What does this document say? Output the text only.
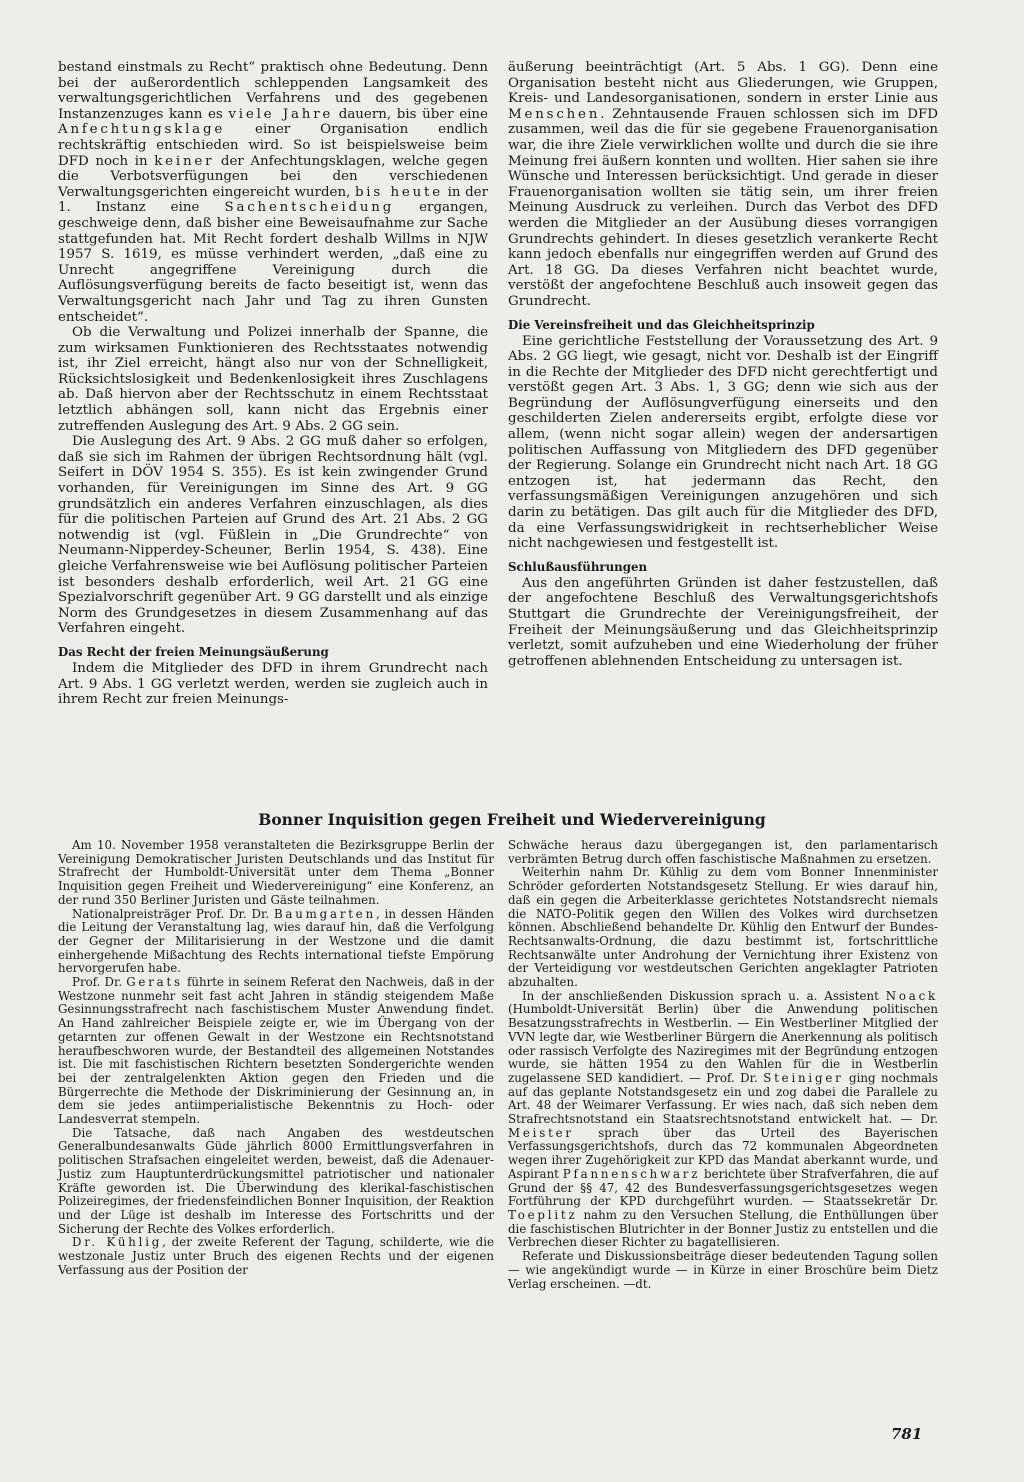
bestand einstmals zu Recht“ praktisch ohne Bedeutung. Denn bei der außerordentlich schleppenden Langsamkeit des verwaltungsgerichtlichen Verfahrens und des gegebenen Instanzenzuges kann es viele Jahre dauern, bis über eine Anfechtungsklage einer Organisation endlich rechtskräftig entschieden wird. So ist beispielsweise beim DFD noch in keiner der Anfechtungsklagen, welche gegen die Verbotsverfügungen bei den verschiedenen Verwaltungsgerichten eingereicht wurden, bis heute in der 1. Instanz eine Sachentscheidung ergangen, geschweige denn, daß bisher eine Beweisaufnahme zur Sache stattgefunden hat. Mit Recht fordert deshalb Willms in NJW 1957 S. 1619, es müsse verhindert werden, „daß eine zu Unrecht angegriffene Vereinigung durch die Auflösungsverfügung bereits de facto beseitigt ist, wenn das Verwaltungsgericht nach Jahr und Tag zu ihren Gunsten entscheidet“.

Ob die Verwaltung und Polizei innerhalb der Spanne, die zum wirksamen Funktionieren des Rechtsstaates notwendig ist, ihr Ziel erreicht, hängt also nur von der Schnelligkeit, Rücksichtslosigkeit und Bedenkenlosigkeit ihres Zuschlagens ab. Daß hiervon aber der Rechtsschutz in einem Rechtsstaat letztlich abhängen soll, kann nicht das Ergebnis einer zutreffenden Auslegung des Art. 9 Abs. 2 GG sein.

Die Auslegung des Art. 9 Abs. 2 GG muß daher so erfolgen, daß sie sich im Rahmen der übrigen Rechtsordnung hält (vgl. Seifert in DÖV 1954 S. 355). Es ist kein zwingender Grund vorhanden, für Vereinigungen im Sinne des Art. 9 GG grundsätzlich ein anderes Verfahren einzuschlagen, als dies für die politischen Parteien auf Grund des Art. 21 Abs. 2 GG notwendig ist (vgl. Füßlein in „Die Grundrechte“ von Neumann-Nipperdey-Scheuner, Berlin 1954, S. 438). Eine gleiche Verfahrensweise wie bei Auflösung politischer Parteien ist besonders deshalb erforderlich, weil Art. 21 GG eine Spezialvorschrift gegenüber Art. 9 GG darstellt und als einzige Norm des Grundgesetzes in diesem Zusammenhang auf das Verfahren eingeht.

Das Recht der freien Meinungsäußerung

Indem die Mitglieder des DFD in ihrem Grundrecht nach Art. 9 Abs. 1 GG verletzt werden, werden sie zugleich auch in ihrem Recht zur freien Meinungs-

äußerung beeinträchtigt (Art. 5 Abs. 1 GG). Denn eine Organisation besteht nicht aus Gliederungen, wie Gruppen, Kreis- und Landesorganisationen, sondern in erster Linie aus Menschen. Zehntausende Frauen schlossen sich im DFD zusammen, weil das die für sie gegebene Frauenorganisation war, die ihre Ziele verwirklichen wollte und durch die sie ihre Meinung frei äußern konnten und wollten. Hier sahen sie ihre Wünsche und Interessen berücksichtigt. Und gerade in dieser Frauenorganisation wollten sie tätig sein, um ihrer freien Meinung Ausdruck zu verleihen. Durch das Verbot des DFD werden die Mitglieder an der Ausübung dieses vorrangigen Grundrechts gehindert. In dieses gesetzlich verankerte Recht kann jedoch ebenfalls nur eingegriffen werden auf Grund des Art. 18 GG. Da dieses Verfahren nicht beachtet wurde, verstößt der angefochtene Beschluß auch insoweit gegen das Grundrecht.

Die Vereinsfreiheit und das Gleichheitsprinzip

Eine gerichtliche Feststellung der Voraussetzung des Art. 9 Abs. 2 GG liegt, wie gesagt, nicht vor. Deshalb ist der Eingriff in die Rechte der Mitglieder des DFD nicht gerechtfertigt und verstößt gegen Art. 3 Abs. 1, 3 GG; denn wie sich aus der Begründung der Auflösungverfügung einerseits und den geschilderten Zielen andererseits ergibt, erfolgte diese vor allem, (wenn nicht sogar allein) wegen der andersartigen politischen Auffassung von Mitgliedern des DFD gegenüber der Regierung. Solange ein Grundrecht nicht nach Art. 18 GG entzogen ist, hat jedermann das Recht, den verfassungsmäßigen Vereinigungen anzugehören und sich darin zu betätigen. Das gilt auch für die Mitglieder des DFD, da eine Verfassungswidrigkeit in rechtserheblicher Weise nicht nachgewiesen und festgestellt ist.

Schlußausführungen

Aus den angeführten Gründen ist daher festzustellen, daß der angefochtene Beschluß des Verwaltungsgerichtshofs Stuttgart die Grundrechte der Vereinigungsfreiheit, der Freiheit der Meinungsäußerung und das Gleichheitsprinzip verletzt, somit aufzuheben und eine Wiederholung der früher getroffenen ablehnenden Entscheidung zu untersagen ist.

Bonner Inquisition gegen Freiheit und Wiedervereinigung

Am 10. November 1958 veranstalteten die Bezirksgruppe Berlin der Vereinigung Demokratischer Juristen Deutschlands und das Institut für Strafrecht der Humboldt-Universität unter dem Thema „Bonner Inquisition gegen Freiheit und Wiedervereinigung“ eine Konferenz, an der rund 350 Berliner Juristen und Gäste teilnahmen.

Nationalpreisträger Prof. Dr. Dr. Baumgarten, in dessen Händen die Leitung der Veranstaltung lag, wies darauf hin, daß die Verfolgung der Gegner der Militarisierung in der Westzone und die damit einhergehende Mißachtung des Rechts international tiefste Empörung hervorgerufen habe.

Prof. Dr. Gerats führte in seinem Referat den Nachweis, daß in der Westzone nunmehr seit fast acht Jahren in ständig steigendem Maße Gesinnungsstrafrecht nach faschistischem Muster Anwendung findet. An Hand zahlreicher Beispiele zeigte er, wie im Übergang von der getarnten zur offenen Gewalt in der Westzone ein Rechtsnotstand heraufbeschworen wurde, der Bestandteil des allgemeinen Notstandes ist. Die mit faschistischen Richtern besetzten Sondergerichte wenden bei der zentralgelenkten Aktion gegen den Frieden und die Bürgerrechte die Methode der Diskriminierung der Gesinnung an, in dem sie jedes antiimperialistische Bekenntnis zu Hoch- oder Landesverrat stempeln.

Die Tatsache, daß nach Angaben des westdeutschen Generalbundesanwalts Güde jährlich 8000 Ermittlungsverfahren in politischen Strafsachen eingeleitet werden, beweist, daß die Adenauer-Justiz zum Hauptunterdrückungsmittel patriotischer und nationaler Kräfte geworden ist. Die Überwindung des klerikal-faschistischen Polizeiregimes, der friedensfeindlichen Bonner Inquisition, der Reaktion und der Lüge ist deshalb im Interesse des Fortschritts und der Sicherung der Rechte des Volkes erforderlich.

Dr. Kühlig, der zweite Referent der Tagung, schilderte, wie die westzonale Justiz unter Bruch des eigenen Rechts und der eigenen Verfassung aus der Position der

Schwäche heraus dazu übergegangen ist, den parlamentarisch verbrämten Betrug durch offen faschistische Maßnahmen zu ersetzen.

Weiterhin nahm Dr. Kühlig zu dem vom Bonner Innenminister Schröder geforderten Notstandsgesetz Stellung. Er wies darauf hin, daß ein gegen die Arbeiterklasse gerichtetes Notstandsrecht niemals die NATO-Politik gegen den Willen des Volkes wird durchsetzen können. Abschließend behandelte Dr. Kühlig den Entwurf der Bundes-Rechtsanwalts-Ordnung, die dazu bestimmt ist, fortschrittliche Rechtsanwälte unter Androhung der Vernichtung ihrer Existenz von der Verteidigung vor westdeutschen Gerichten angeklagter Patrioten abzuhalten.

In der anschließenden Diskussion sprach u. a. Assistent Noack (Humboldt-Universität Berlin) über die Anwendung politischen Besatzungsstrafrechts in Westberlin. — Ein Westberliner Mitglied der VVN legte dar, wie Westberliner Bürgern die Anerkennung als politisch oder rassisch Verfolgte des Naziregimes mit der Begründung entzogen wurde, sie hätten 1954 zu den Wahlen für die in Westberlin zugelassene SED kandidiert. — Prof. Dr. Steiniger ging nochmals auf das geplante Notstandsgesetz ein und zog dabei die Parallele zu Art. 48 der Weimarer Verfassung. Er wies nach, daß sich neben dem Strafrechtsnotstand ein Staatsrechtsnotstand entwickelt hat. — Dr. Meister sprach über das Urteil des Bayerischen Verfassungsgerichtshofs, durch das 72 kommunalen Abgeordneten wegen ihrer Zugehörigkeit zur KPD das Mandat aberkannt wurde, und Aspirant Pfannenschwarz berichtete über Strafverfahren, die auf Grund der §§ 47, 42 des Bundesverfassungsgerichtsgesetzes wegen Fortführung der KPD durchgeführt wurden. — Staatssekretär Dr. Toeplitz nahm zu den Versuchen Stellung, die Enthüllungen über die faschistischen Blutrichter in der Bonner Justiz zu entstellen und die Verbrechen dieser Richter zu bagatellisieren.

Referate und Diskussionsbeiträge dieser bedeutenden Tagung sollen — wie angekündigt wurde — in Kürze in einer Broschüre beim Dietz Verlag erscheinen. —dt.

781
